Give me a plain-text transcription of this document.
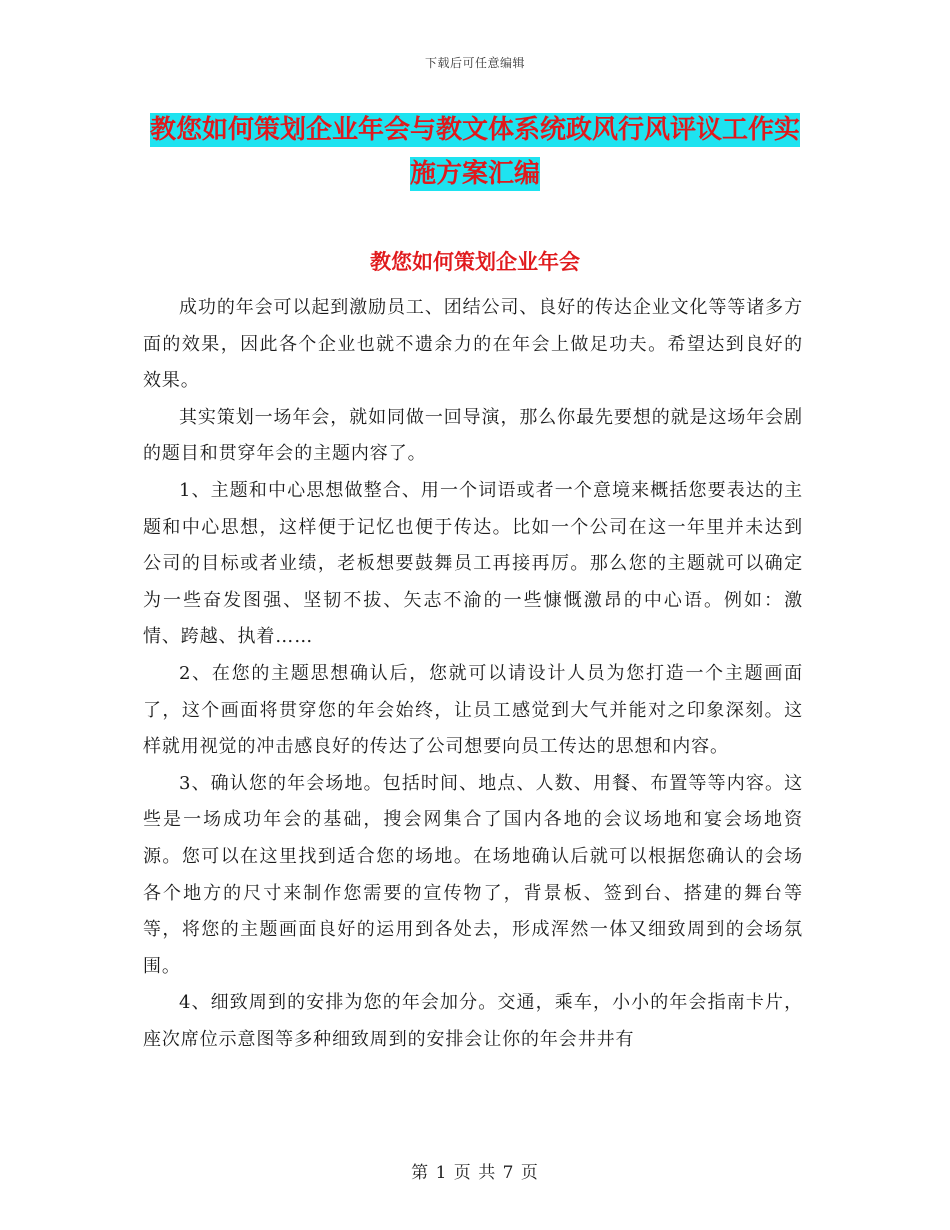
下载后可任意编辑
教您如何策划企业年会与教文体系统政风行风评议工作实施方案汇编
教您如何策划企业年会

成功的年会可以起到激励员工、团结公司、良好的传达企业文化等等诸多方面的效果，因此各个企业也就不遗余力的在年会上做足功夫。希望达到良好的效果。

其实策划一场年会，就如同做一回导演，那么你最先要想的就是这场年会剧的题目和贯穿年会的主题内容了。

1、主题和中心思想做整合、用一个词语或者一个意境来概括您要表达的主题和中心思想，这样便于记忆也便于传达。比如一个公司在这一年里并未达到公司的目标或者业绩，老板想要鼓舞员工再接再厉。那么您的主题就可以确定为一些奋发图强、坚韧不拔、矢志不渝的一些慷慨激昂的中心语。例如：激情、跨越、执着……

2、在您的主题思想确认后，您就可以请设计人员为您打造一个主题画面了，这个画面将贯穿您的年会始终，让员工感觉到大气并能对之印象深刻。这样就用视觉的冲击感良好的传达了公司想要向员工传达的思想和内容。

3、确认您的年会场地。包括时间、地点、人数、用餐、布置等等内容。这些是一场成功年会的基础，搜会网集合了国内各地的会议场地和宴会场地资源。您可以在这里找到适合您的场地。在场地确认后就可以根据您确认的会场各个地方的尺寸来制作您需要的宣传物了，背景板、签到台、搭建的舞台等等，将您的主题画面良好的运用到各处去，形成浑然一体又细致周到的会场氛围。

4、细致周到的安排为您的年会加分。交通，乘车，小小的年会指南卡片，座次席位示意图等多种细致周到的安排会让你的年会井井有

第 1 页 共 7 页
